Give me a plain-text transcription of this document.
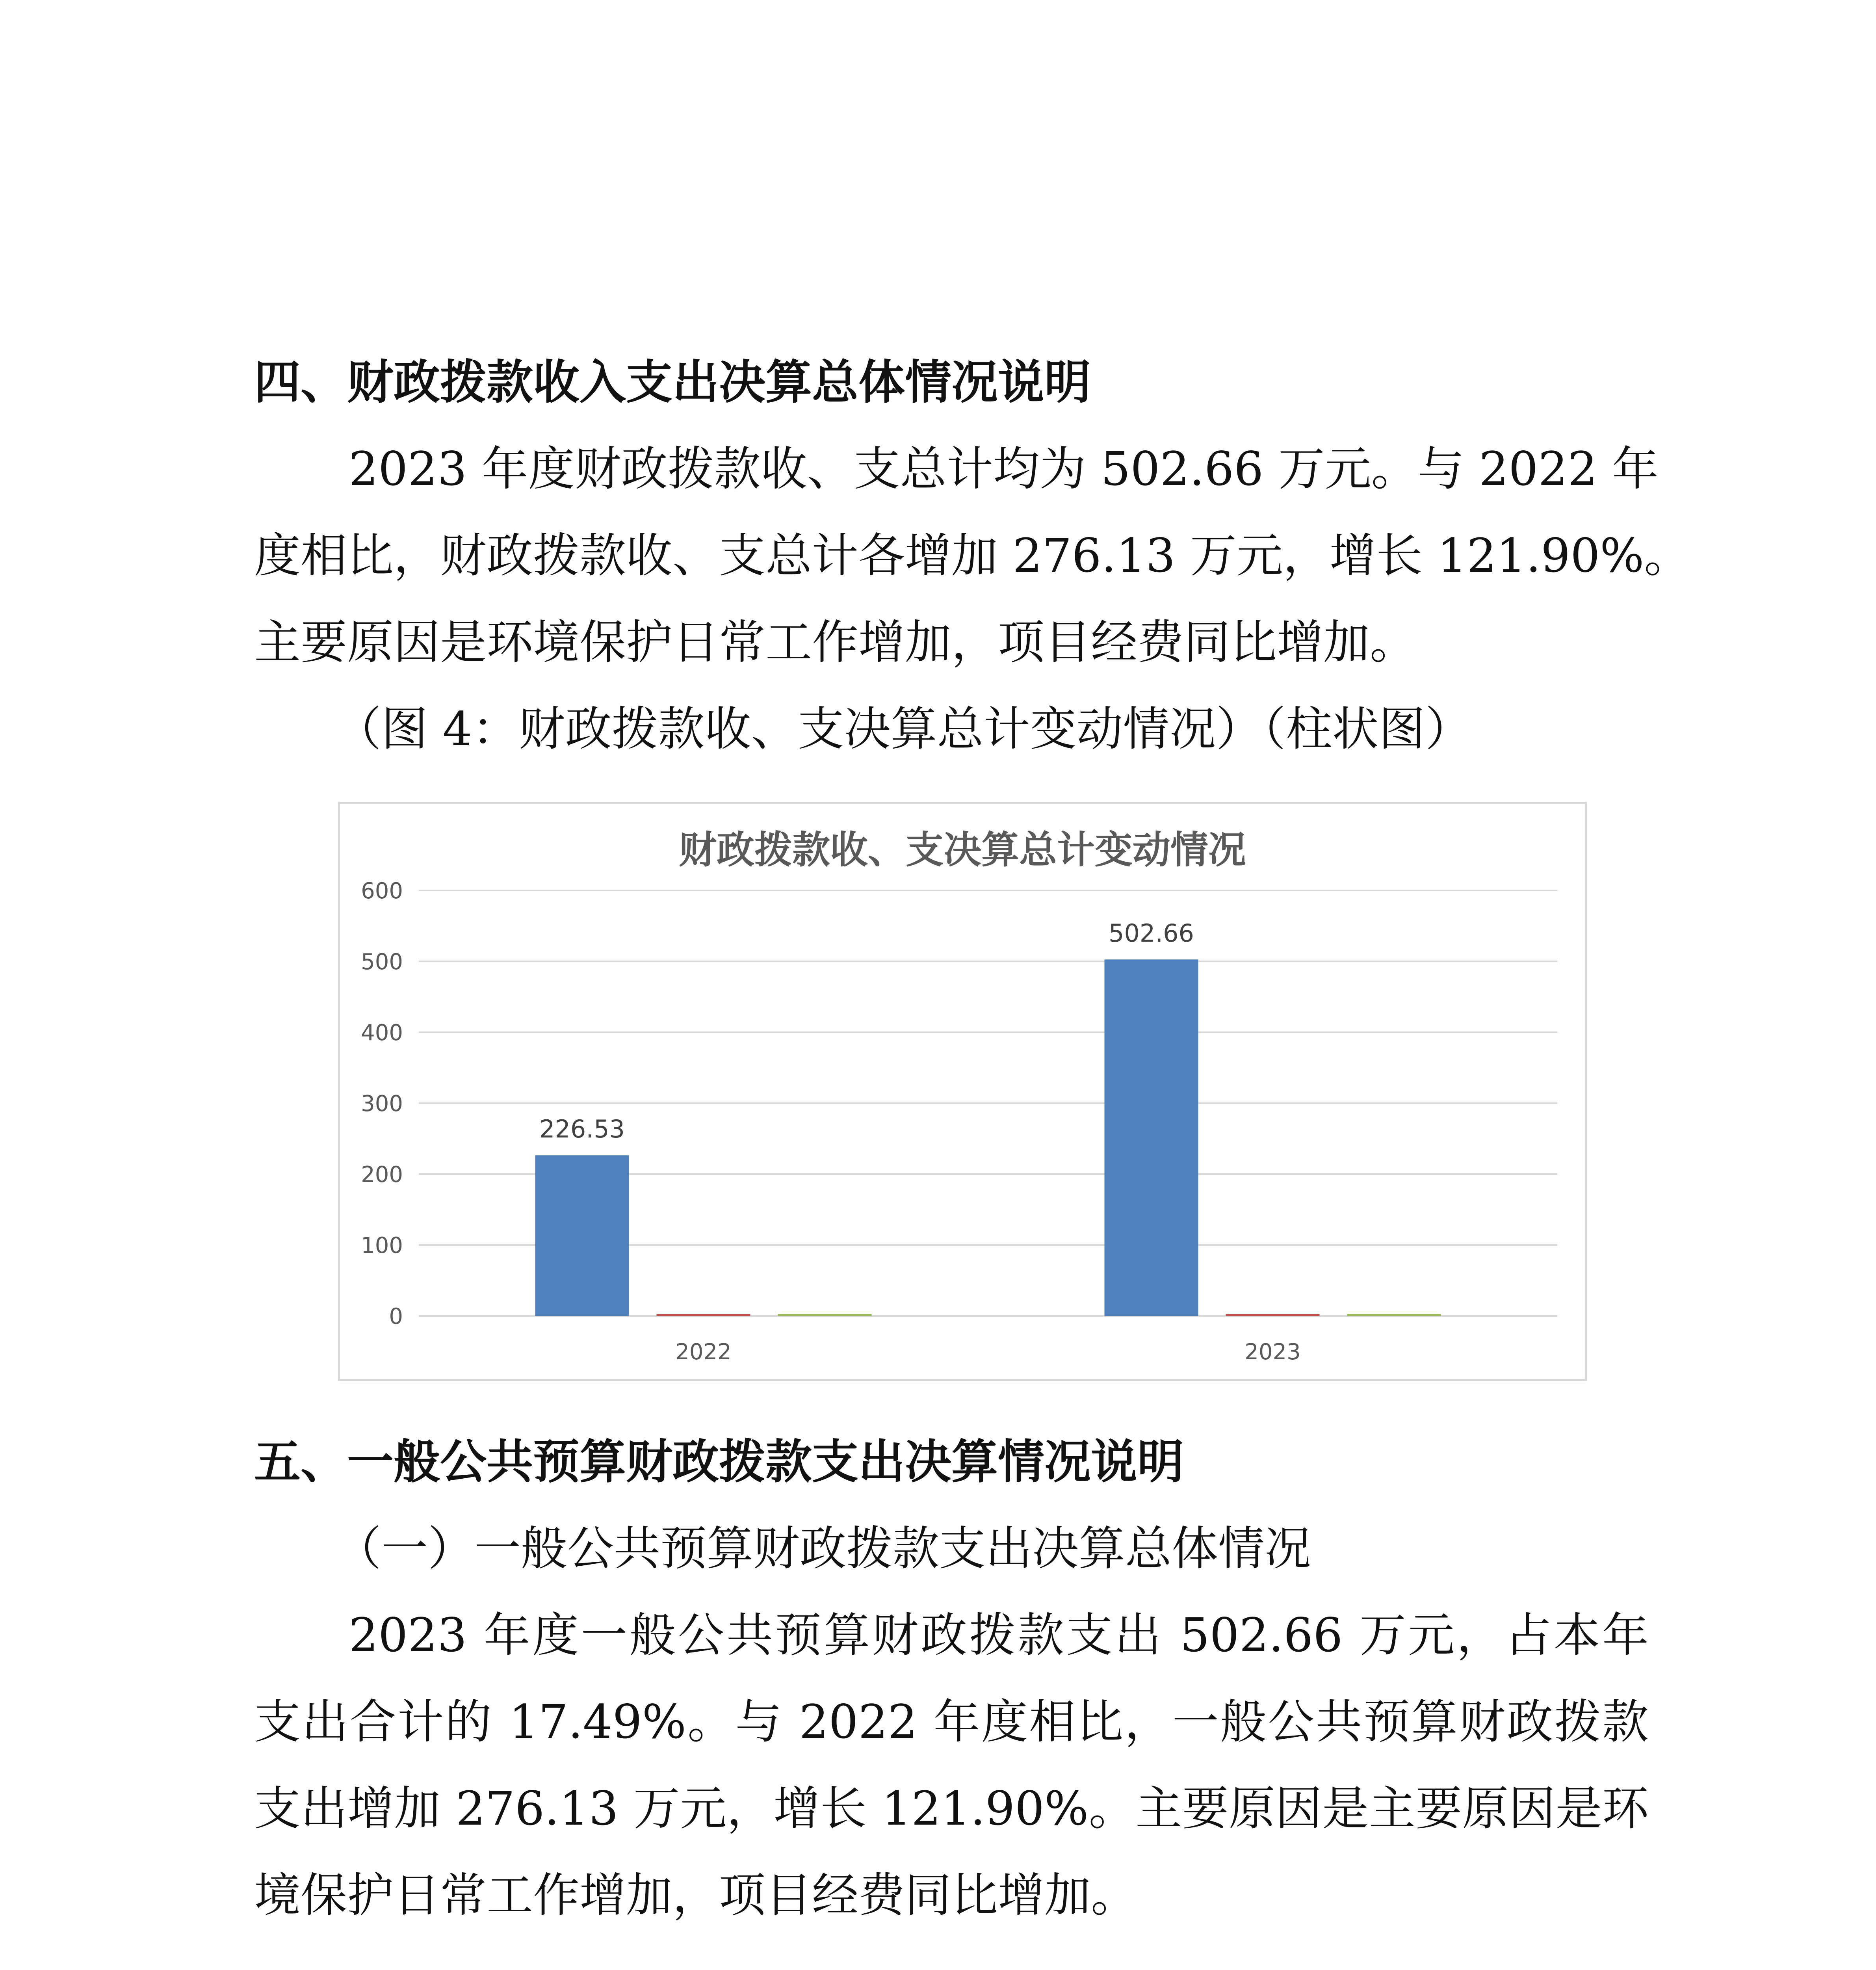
四、财政拨款收入支出决算总体情况说明
2023 年度财政拨款收、支总计均为 502.66 万元。与 2022 年
度相比，财政拨款收、支总计各增加 276.13 万元，增长 121.90%。
主要原因是环境保护日常工作增加，项目经费同比增加。
（图 4：财政拨款收、支决算总计变动情况）（柱状图）
财政拨款收、支决算总计变动情况
0
100
200
300
400
500
600
226.53
2022
502.66
2023
五、一般公共预算财政拨款支出决算情况说明
（一）一般公共预算财政拨款支出决算总体情况
2023 年度一般公共预算财政拨款支出 502.66 万元，占本年
支出合计的 17.49%。与 2022 年度相比，一般公共预算财政拨款
支出增加 276.13 万元，增长 121.90%。主要原因是主要原因是环
境保护日常工作增加，项目经费同比增加。
